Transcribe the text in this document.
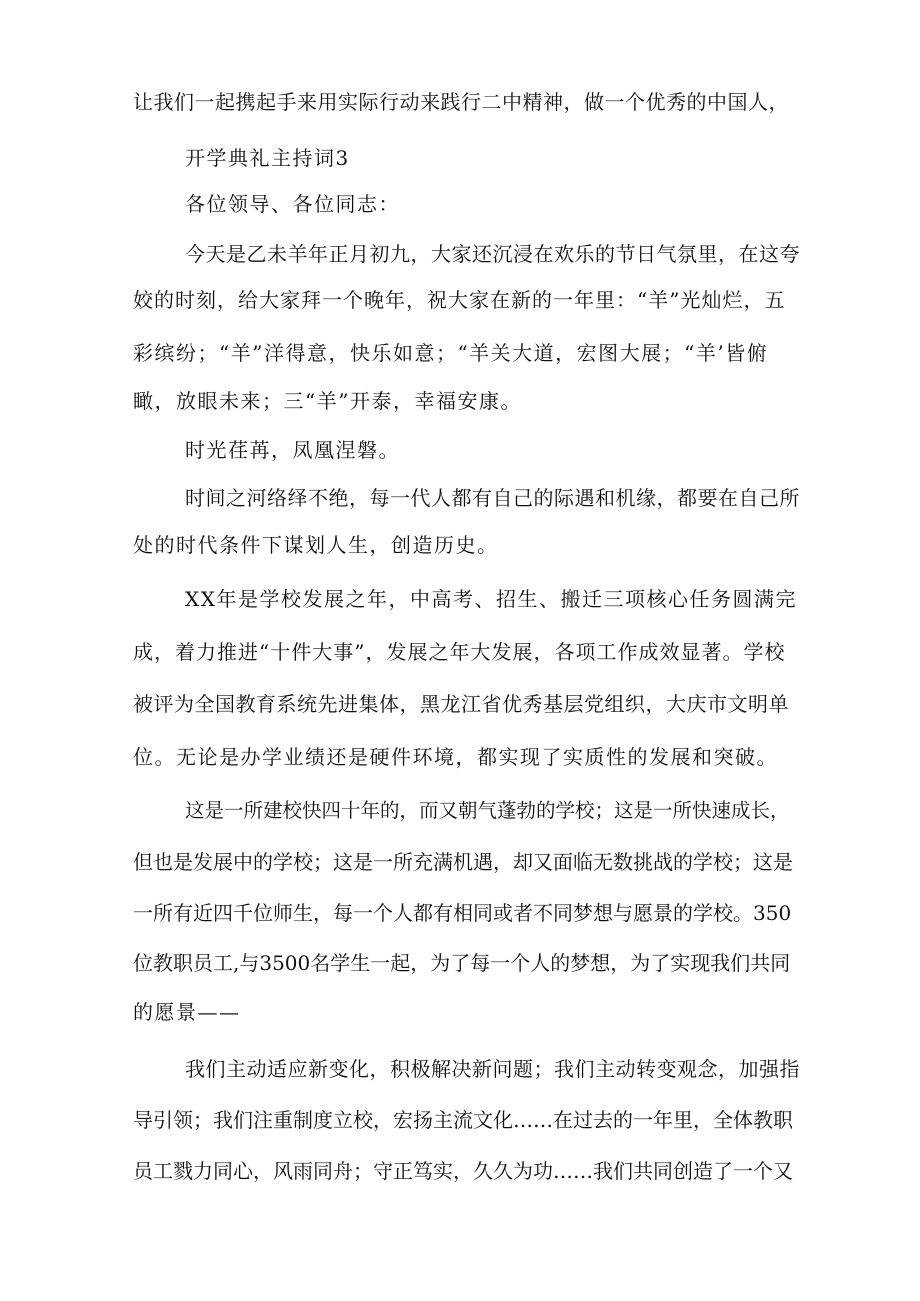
让我们一起携起手来用实际行动来践行二中精神，做一个优秀的中国人，
开学典礼主持词3
各位领导、各位同志：
今天是乙未羊年正月初九，大家还沉浸在欢乐的节日气氛里，在这夸
姣的时刻，给大家拜一个晚年，祝大家在新的一年里：“羊”光灿烂，五
彩缤纷；“羊”洋得意，快乐如意；“羊关大道，宏图大展；“羊’皆俯
瞰，放眼未来；三“羊”开泰，幸福安康。
时光荏苒，凤凰涅磐。
时间之河络绎不绝，每一代人都有自己的际遇和机缘，都要在自己所
处的时代条件下谋划人生，创造历史。
XX年是学校发展之年，中高考、招生、搬迁三项核心任务圆满完
成，着力推进“十件大事”，发展之年大发展，各项工作成效显著。学校
被评为全国教育系统先进集体，黑龙江省优秀基层党组织，大庆市文明单
位。无论是办学业绩还是硬件环境，都实现了实质性的发展和突破。
这是一所建校快四十年的，而又朝气蓬勃的学校；这是一所快速成长，
但也是发展中的学校；这是一所充满机遇，却又面临无数挑战的学校；这是
一所有近四千位师生，每一个人都有相同或者不同梦想与愿景的学校。350
位教职员工,与3500名学生一起，为了每一个人的梦想，为了实现我们共同
的愿景——
我们主动适应新变化，积极解决新问题；我们主动转变观念，加强指
导引领；我们注重制度立校，宏扬主流文化……在过去的一年里，全体教职
员工戮力同心，风雨同舟；守正笃实，久久为功……我们共同创造了一个又
